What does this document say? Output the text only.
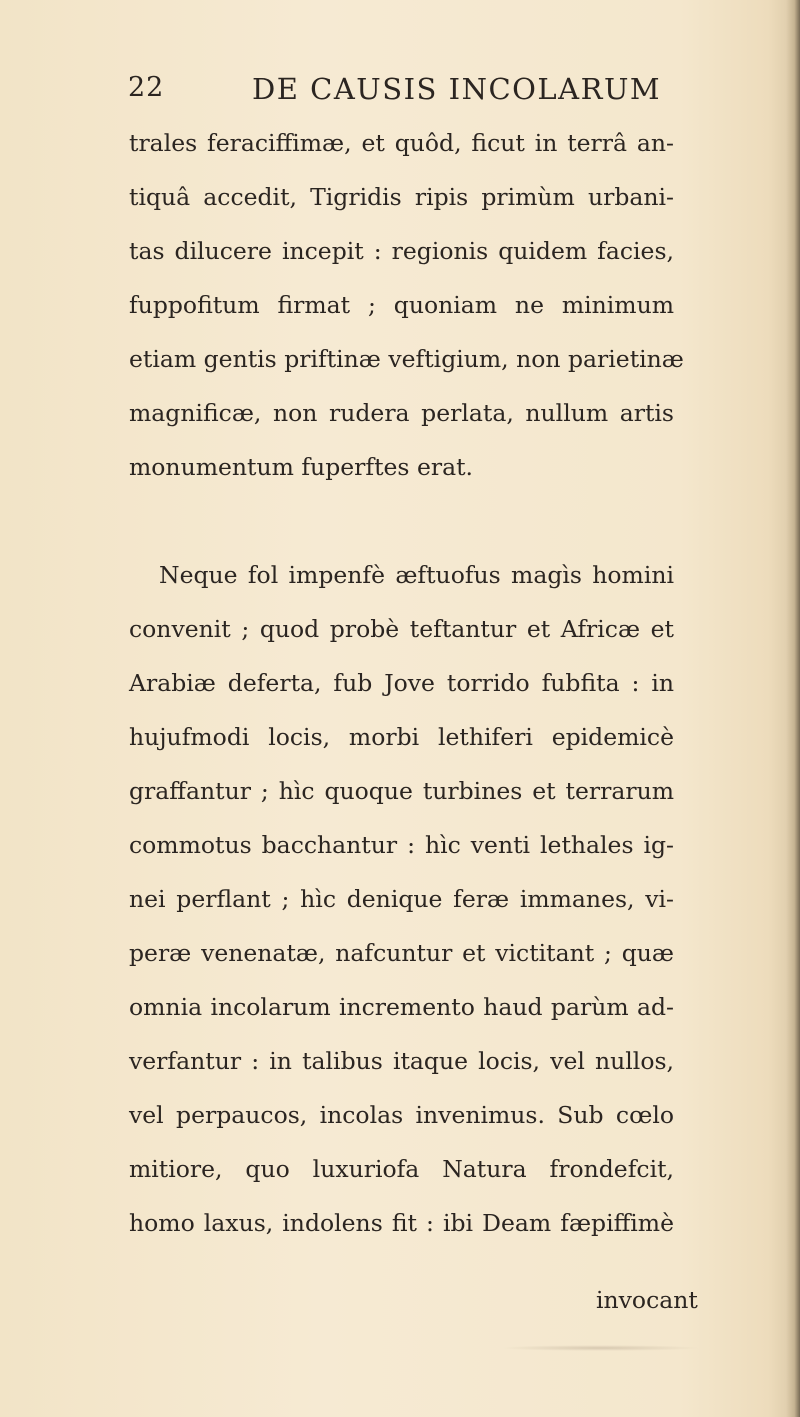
22	DE CAUSIS INCOLARUM
trales feraciffimæ, et quôd, ficut in terrâ an-
tiquâ accedit, Tigridis ripis primùm urbani-
tas dilucere incepit : regionis quidem facies,
fuppofitum firmat ; quoniam ne minimum
etiam gentis priftinæ veftigium, non parietinæ
magnificæ, non rudera perlata, nullum artis
monumentum fuperftes erat.
Neque fol impenfè æftuofus magìs homini
convenit ; quod probè teftantur et Africæ et
Arabiæ deferta, fub Jove torrido fubfita : in
hujufmodi locis, morbi lethiferi epidemicè
graffantur ; hìc quoque turbines et terrarum
commotus bacchantur : hìc venti lethales ig-
nei perflant ; hìc denique feræ immanes, vi-
peræ venenatæ, nafcuntur et victitant ; quæ
omnia incolarum incremento haud parùm ad-
verfantur : in talibus itaque locis, vel nullos,
vel perpaucos, incolas invenimus. Sub cœlo
mitiore, quo luxuriofa Natura frondefcit,
homo laxus, indolens fit : ibi Deam fæpiffimè
invocant
